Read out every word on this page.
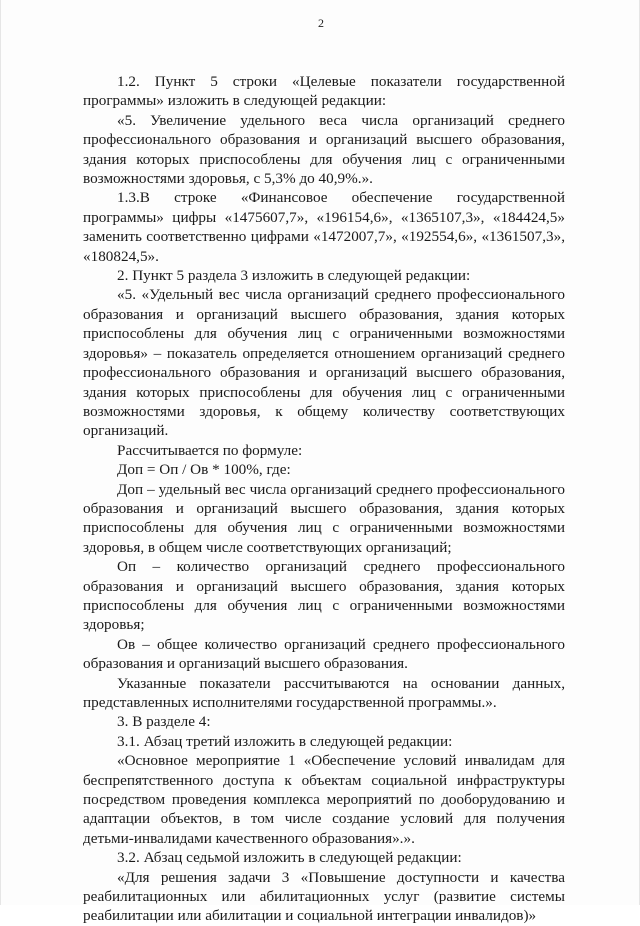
2

1.2. Пункт 5 строки «Целевые показатели государственной программы» изложить в следующей редакции:

«5. Увеличение удельного веса числа организаций среднего профессионального образования и организаций высшего образования, здания которых приспособлены для обучения лиц с ограниченными возможностями здоровья, с 5,3% до 40,9%.».

1.3.В строке «Финансовое обеспечение государственной программы» цифры «1475607,7», «196154,6», «1365107,3», «184424,5» заменить соответственно цифрами «1472007,7», «192554,6», «1361507,3», «180824,5».

2. Пункт 5 раздела 3 изложить в следующей редакции:

«5. «Удельный вес числа организаций среднего профессионального образования и организаций высшего образования, здания которых приспособлены для обучения лиц с ограниченными возможностями здоровья» – показатель определяется отношением организаций среднего профессионального образования и организаций высшего образования, здания которых приспособлены для обучения лиц с ограниченными возможностями здоровья, к общему количеству соответствующих организаций.

Рассчитывается по формуле:

Доп = Оп / Ов * 100%, где:

Доп – удельный вес числа организаций среднего профессионального образования и организаций высшего образования, здания которых приспособлены для обучения лиц с ограниченными возможностями здоровья, в общем числе соответствующих организаций;

Оп – количество организаций среднего профессионального образования и организаций высшего образования, здания которых приспособлены для обучения лиц с ограниченными возможностями здоровья;

Ов – общее количество организаций среднего профессионального образования и организаций высшего образования.

Указанные показатели рассчитываются на основании данных, представленных исполнителями государственной программы.».

3. В разделе 4:

3.1. Абзац третий изложить в следующей редакции:

«Основное мероприятие 1 «Обеспечение условий инвалидам для беспрепятственного доступа к объектам социальной инфраструктуры посредством проведения комплекса мероприятий по дооборудованию и адаптации объектов, в том числе создание условий для получения детьми-инвалидами качественного образования».».

3.2. Абзац седьмой изложить в следующей редакции:

«Для решения задачи 3 «Повышение доступности и качества реабилитационных или абилитационных услуг (развитие системы реабилитации или абилитации и социальной интеграции инвалидов)»
